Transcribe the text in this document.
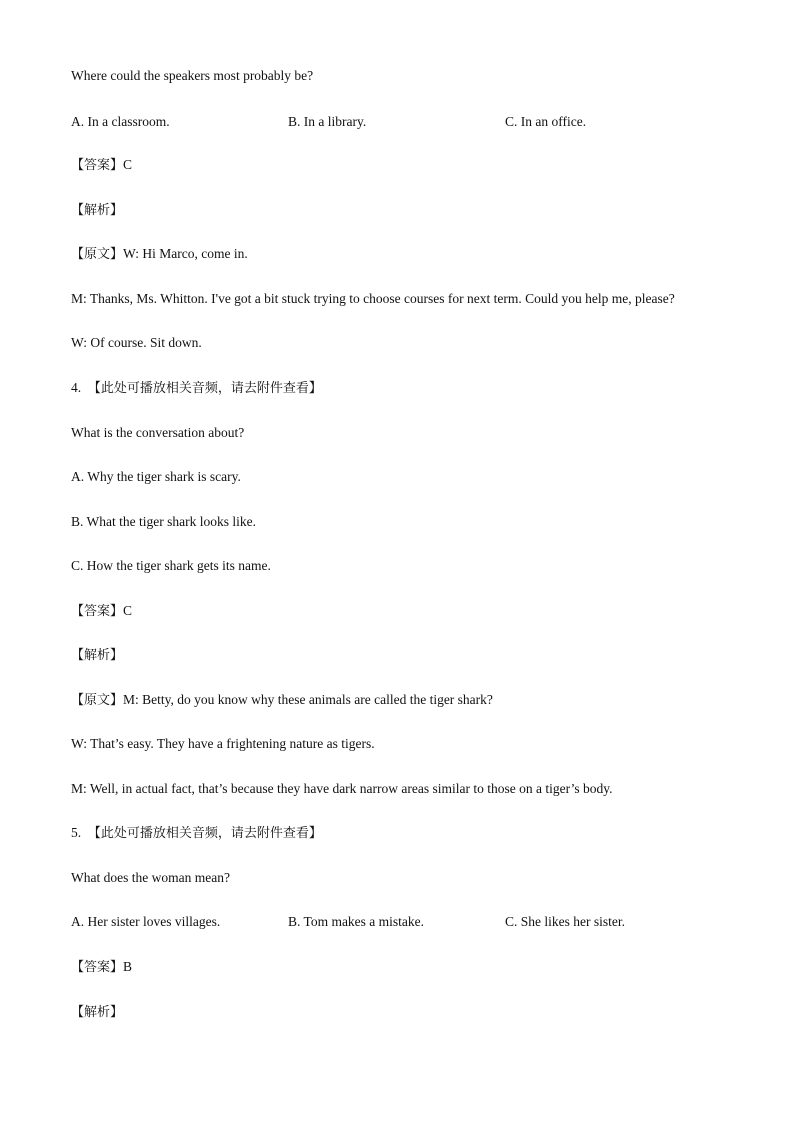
Where could the speakers most probably be?
A. In a classroom.	B. In a library.	C. In an office.
【答案】C
【解析】
【原文】W: Hi Marco, come in.
M: Thanks, Ms. Whitton. I've got a bit stuck trying to choose courses for next term. Could you help me, please?
W: Of course. Sit down.
4. 【此处可播放相关音频，请去附件查看】
What is the conversation about?
A. Why the tiger shark is scary.
B. What the tiger shark looks like.
C. How the tiger shark gets its name.
【答案】C
【解析】
【原文】M: Betty, do you know why these animals are called the tiger shark?
W: That’s easy. They have a frightening nature as tigers.
M: Well, in actual fact, that’s because they have dark narrow areas similar to those on a tiger’s body.
5. 【此处可播放相关音频，请去附件查看】
What does the woman mean?
A. Her sister loves villages.	B. Tom makes a mistake.	C. She likes her sister.
【答案】B
【解析】
